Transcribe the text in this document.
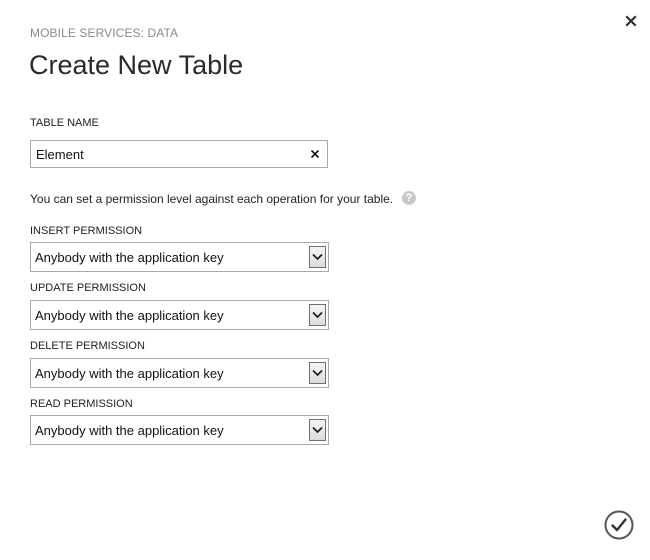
MOBILE SERVICES: DATA
Create New Table
TABLE NAME
Element
You can set a permission level against each operation for your table.	?
INSERT PERMISSION
Anybody with the application key
UPDATE PERMISSION
Anybody with the application key
DELETE PERMISSION
Anybody with the application key
READ PERMISSION
Anybody with the application key
